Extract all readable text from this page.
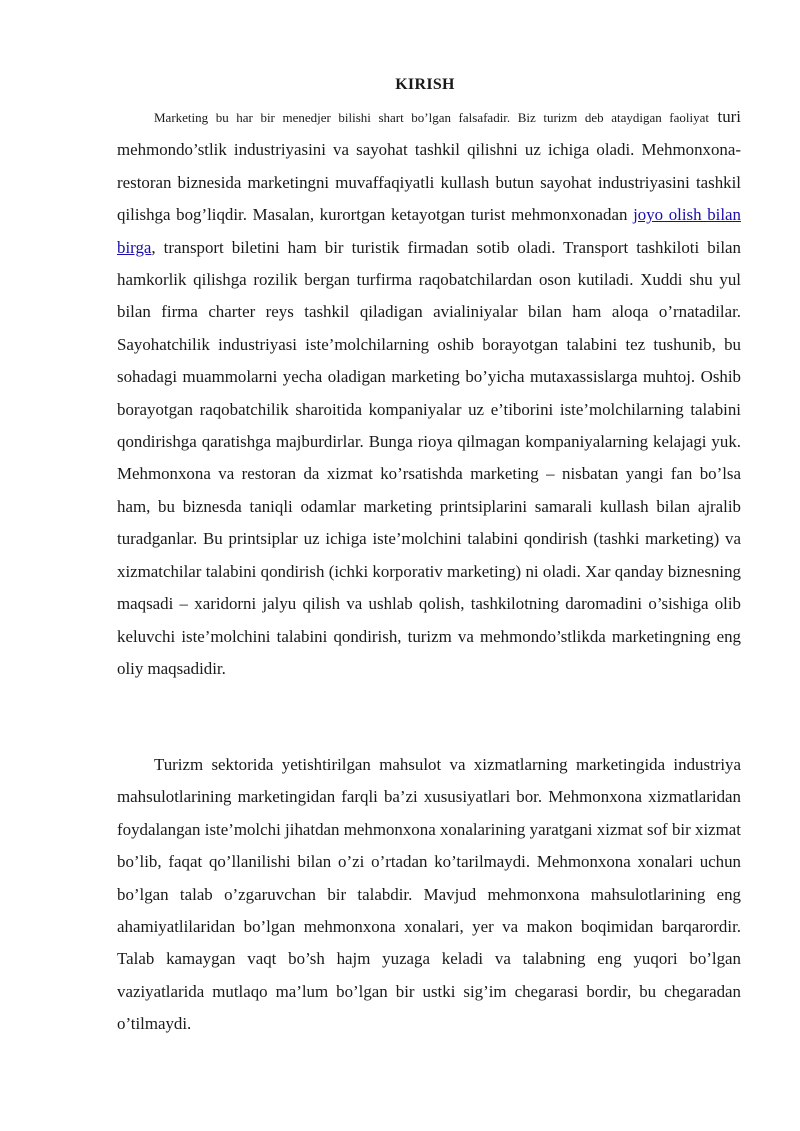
KIRISH

Marketing bu har bir menedjer bilishi shart bo’lgan falsafadir. Biz turizm deb ataydigan faoliyat turi mehmondo’stlik industriyasini va sayohat tashkil qilishni uz ichiga oladi. Mehmonxona-restoran biznesida marketingni muvaffaqiyatli kullash butun sayohat industriyasini tashkil qilishga bog’liqdir. Masalan, kurortgan ketayotgan turist mehmonxonadan joyo olish bilan birga, transport biletini ham bir turistik firmadan sotib oladi. Transport tashkiloti bilan hamkorlik qilishga rozilik bergan turfirma raqobatchilardan oson kutiladi. Xuddi shu yul bilan firma charter reys tashkil qiladigan avialiniyalar bilan ham aloqa o’rnatadilar. Sayohatchilik industriyasi iste’molchilarning oshib borayotgan talabini tez tushunib, bu sohadagi muammolarni yecha oladigan marketing bo’yicha mutaxassislarga muhtoj. Oshib borayotgan raqobatchilik sharoitida kompaniyalar uz e’tiborini iste’molchilarning talabini qondirishga qaratishga majburdirlar. Bunga rioya qilmagan kompaniyalarning kelajagi yuk. Mehmonxona va restoran da xizmat ko’rsatishda marketing – nisbatan yangi fan bo’lsa ham, bu biznesda taniqli odamlar marketing printsiplarini samarali kullash bilan ajralib turadganlar. Bu printsiplar uz ichiga iste’molchini talabini qondirish (tashki marketing) va xizmatchilar talabini qondirish (ichki korporativ marketing) ni oladi. Xar qanday biznesning maqsadi – xaridorni jalyu qilish va ushlab qolish, tashkilotning daromadini o’sishiga olib keluvchi iste’molchini talabini qondirish, turizm va mehmondo’stlikda marketingning eng oliy maqsadidir.

Turizm sektorida yetishtirilgan mahsulot va xizmatlarning marketingida industriya mahsulotlarining marketingidan farqli ba’zi xususiyatlari bor. Mehmonxona xizmatlaridan foydalangan iste’molchi jihatdan mehmonxona xonalarining yaratgani xizmat sof bir xizmat bo’lib, faqat qo’llanilishi bilan o’zi o’rtadan ko’tarilmaydi. Mehmonxona xonalari uchun bo’lgan talab o’zgaruvchan bir talabdir. Mavjud mehmonxona mahsulotlarining eng ahamiyatlilaridan bo’lgan mehmonxona xonalari, yer va makon boqimidan barqarordir. Talab kamaygan vaqt bo’sh hajm yuzaga keladi va talabning eng yuqori bo’lgan vaziyatlarida mutlaqo ma’lum bo’lgan bir ustki sig’im chegarasi bordir, bu chegaradan o’tilmaydi.
